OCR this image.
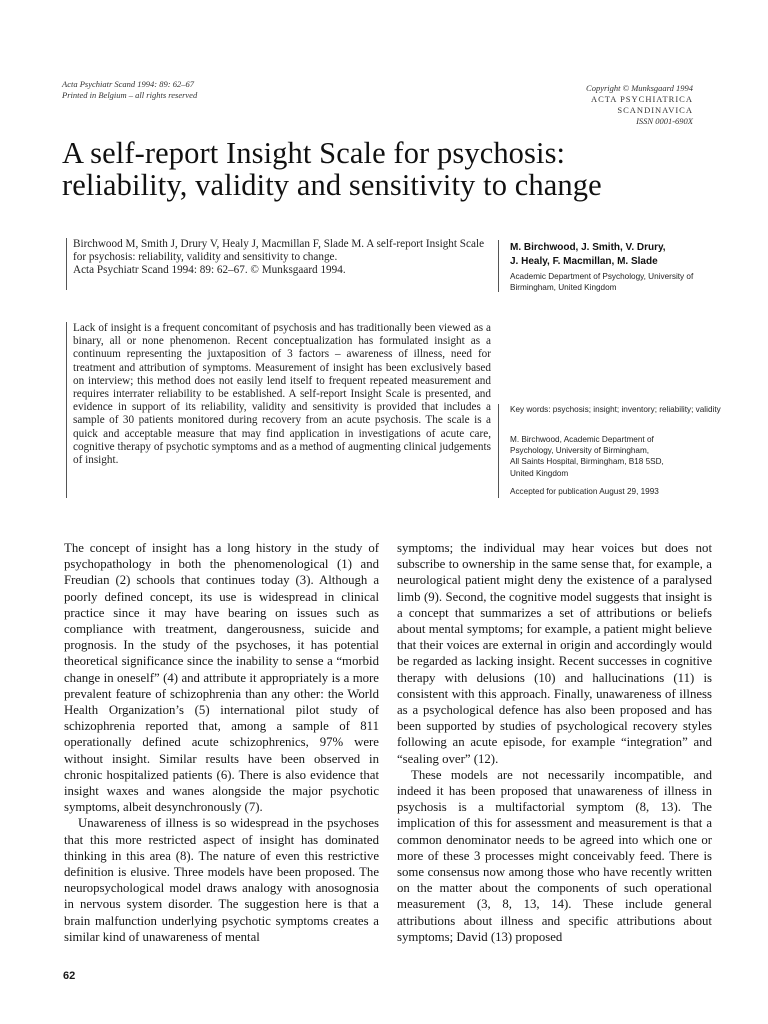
Acta Psychiatr Scand 1994: 89: 62–67
Printed in Belgium – all rights reserved
Copyright © Munksgaard 1994
ACTA PSYCHIATRICA
SCANDINAVICA
ISSN 0001-690X
A self-report Insight Scale for psychosis:
reliability, validity and sensitivity to change
Birchwood M, Smith J, Drury V, Healy J, Macmillan F, Slade M. A self-report Insight Scale for psychosis: reliability, validity and sensitivity to change.
Acta Psychiatr Scand 1994: 89: 62–67. © Munksgaard 1994.
Lack of insight is a frequent concomitant of psychosis and has traditionally been viewed as a binary, all or none phenomenon. Recent conceptualization has formulated insight as a continuum representing the juxtaposition of 3 factors – awareness of illness, need for treatment and attribution of symptoms. Measurement of insight has been exclusively based on interview; this method does not easily lend itself to frequent repeated measurement and requires interrater reliability to be established. A self-report Insight Scale is presented, and evidence in support of its reliability, validity and sensitivity is provided that includes a sample of 30 patients monitored during recovery from an acute psychosis. The scale is a quick and acceptable measure that may find application in investigations of acute care, cognitive therapy of psychotic symptoms and as a method of augmenting clinical judgements of insight.
M. Birchwood, J. Smith, V. Drury,
J. Healy, F. Macmillan, M. Slade
Academic Department of Psychology, University of Birmingham, United Kingdom
Key words: psychosis; insight; inventory; reliability; validity
M. Birchwood, Academic Department of
Psychology, University of Birmingham,
All Saints Hospital, Birmingham, B18 5SD,
United Kingdom
Accepted for publication August 29, 1993

The concept of insight has a long history in the study of psychopathology in both the phenomenological (1) and Freudian (2) schools that continues today (3). Although a poorly defined concept, its use is widespread in clinical practice since it may have bearing on issues such as compliance with treatment, dangerousness, suicide and prognosis. In the study of the psychoses, it has potential theoretical significance since the inability to sense a “morbid change in oneself” (4) and attribute it appropriately is a more prevalent feature of schizophrenia than any other: the World Health Organization’s (5) international pilot study of schizophrenia reported that, among a sample of 811 operationally defined acute schizophrenics, 97% were without insight. Similar results have been observed in chronic hospitalized patients (6). There is also evidence that insight waxes and wanes alongside the major psychotic symptoms, albeit desynchronously (7).

Unawareness of illness is so widespread in the psychoses that this more restricted aspect of insight has dominated thinking in this area (8). The nature of even this restrictive definition is elusive. Three models have been proposed. The neuropsychological model draws analogy with anosognosia in nervous system disorder. The suggestion here is that a brain malfunction underlying psychotic symptoms creates a similar kind of unawareness of mental

symptoms; the individual may hear voices but does not subscribe to ownership in the same sense that, for example, a neurological patient might deny the existence of a paralysed limb (9). Second, the cognitive model suggests that insight is a concept that summarizes a set of attributions or beliefs about mental symptoms; for example, a patient might believe that their voices are external in origin and accordingly would be regarded as lacking insight. Recent successes in cognitive therapy with delusions (10) and hallucinations (11) is consistent with this approach. Finally, unawareness of illness as a psychological defence has also been proposed and has been supported by studies of psychological recovery styles following an acute episode, for example “integration” and “sealing over” (12).

These models are not necessarily incompatible, and indeed it has been proposed that unawareness of illness in psychosis is a multifactorial symptom (8, 13). The implication of this for assessment and measurement is that a common denominator needs to be agreed into which one or more of these 3 processes might conceivably feed. There is some consensus now among those who have recently written on the matter about the components of such operational measurement (3, 8, 13, 14). These include general attributions about illness and specific attributions about symptoms; David (13) proposed

62
